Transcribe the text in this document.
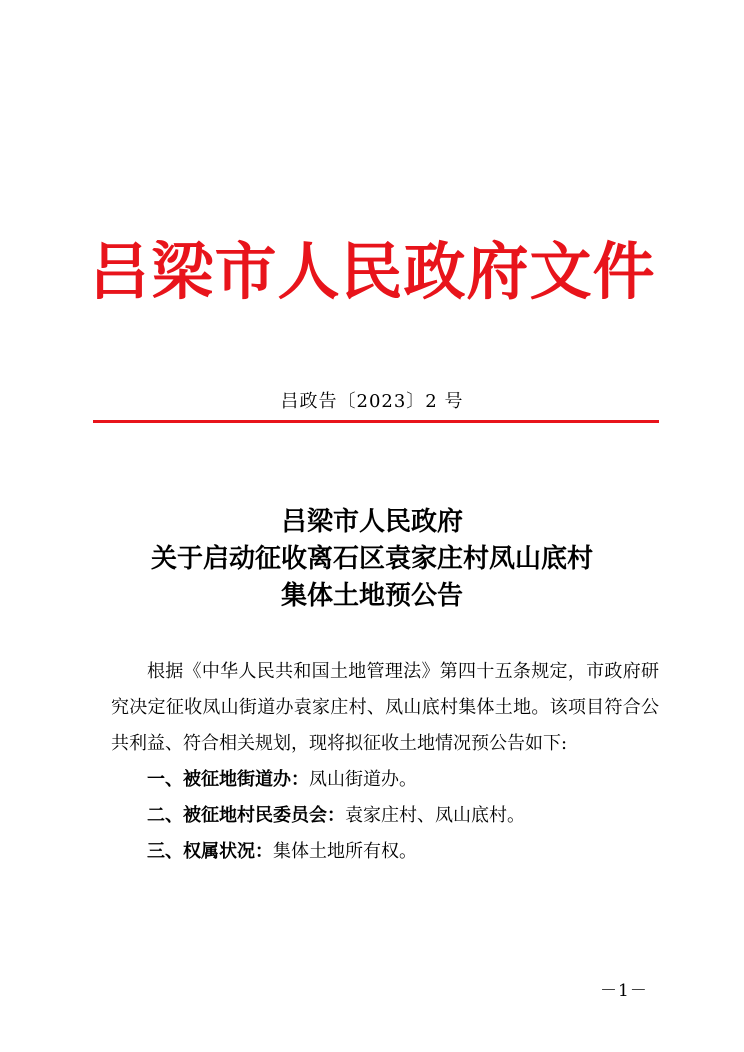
吕梁市人民政府文件
吕政告〔2023〕2 号
吕梁市人民政府
关于启动征收离石区袁家庄村凤山底村
集体土地预公告

根据《中华人民共和国土地管理法》第四十五条规定，市政府研究决定征收凤山街道办袁家庄村、凤山底村集体土地。该项目符合公共利益、符合相关规划，现将拟征收土地情况预公告如下:

一、被征地街道办：凤山街道办。

二、被征地村民委员会：袁家庄村、凤山底村。

三、权属状况：集体土地所有权。

－1－
